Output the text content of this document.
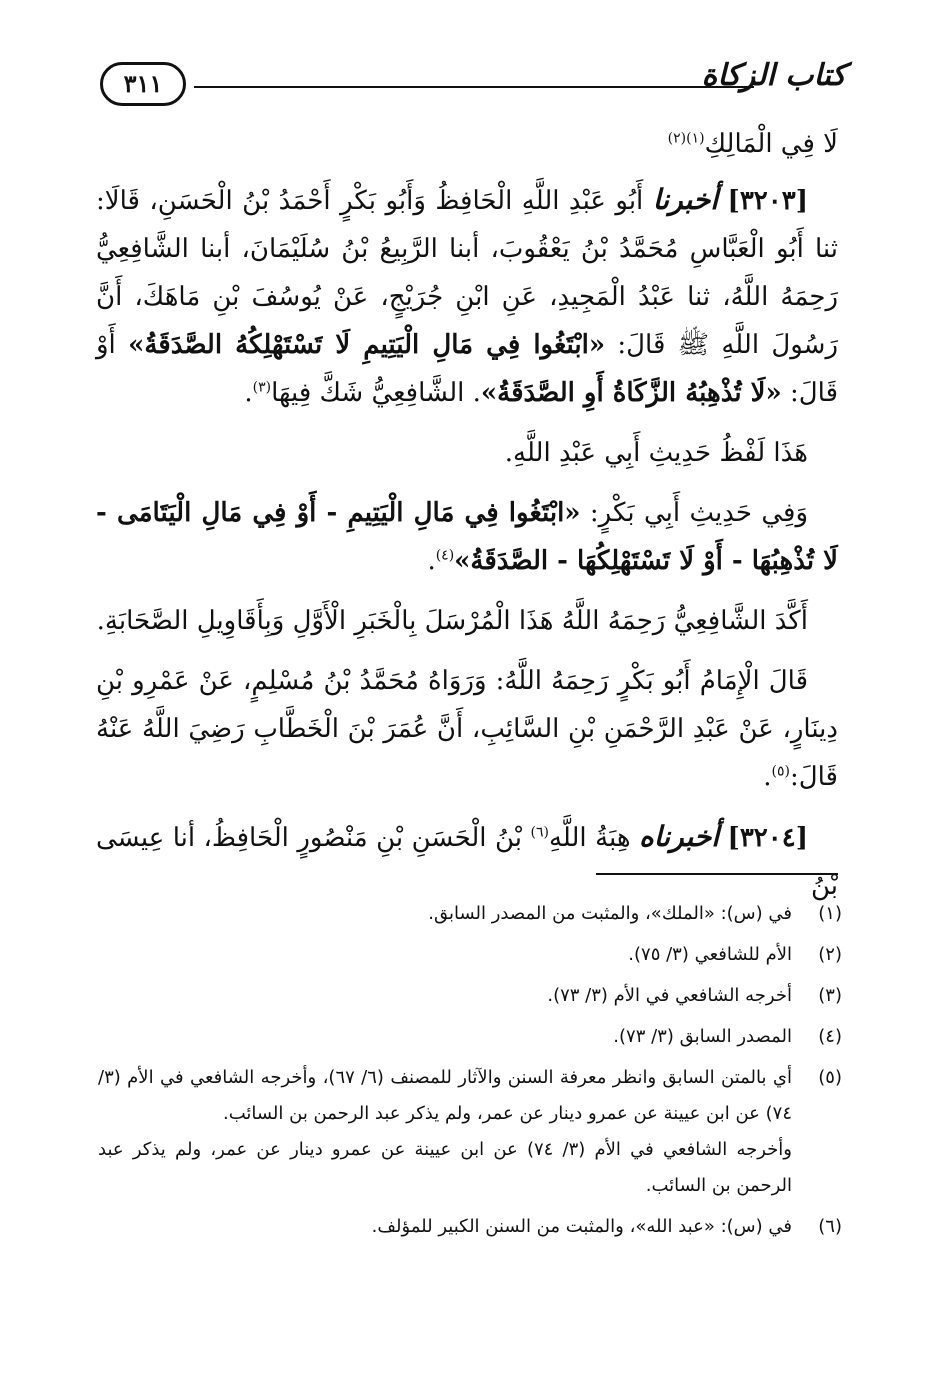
كتاب الزكاة
٣١١

لَا فِي الْمَالِكِ$^{(١)(٢)}$

[٣٢٠٣] أخبرنا أَبُو عَبْدِ اللَّهِ الْحَافِظُ وَأَبُو بَكْرٍ أَحْمَدُ بْنُ الْحَسَنِ، قَالَا: ثنا أَبُو الْعَبَّاسِ مُحَمَّدُ بْنُ يَعْقُوبَ، أبنا الرَّبِيعُ بْنُ سُلَيْمَانَ، أبنا الشَّافِعِيُّ رَحِمَهُ اللَّهُ، ثنا عَبْدُ الْمَجِيدِ، عَنِ ابْنِ جُرَيْجٍ، عَنْ يُوسُفَ بْنِ مَاهَكَ، أَنَّ رَسُولَ اللَّهِ ﷺ قَالَ: «ابْتَغُوا فِي مَالِ الْيَتِيمِ لَا تَسْتَهْلِكُهُ الصَّدَقَةُ» أَوْ قَالَ: «لَا تُذْهِبُهُ الزَّكَاةُ أَوِ الصَّدَقَةُ». الشَّافِعِيُّ شَكَّ فِيهَا$^{(٣)}$.

هَذَا لَفْظُ حَدِيثِ أَبِي عَبْدِ اللَّهِ.

وَفِي حَدِيثِ أَبِي بَكْرٍ: «ابْتَغُوا فِي مَالِ الْيَتِيمِ - أَوْ فِي مَالِ الْيَتَامَى - لَا تُذْهِبُهَا - أَوْ لَا تَسْتَهْلِكُهَا - الصَّدَقَةُ»$^{(٤)}$.

أَكَّدَ الشَّافِعِيُّ رَحِمَهُ اللَّهُ هَذَا الْمُرْسَلَ بِالْخَبَرِ الْأَوَّلِ وَبِأَقَاوِيلِ الصَّحَابَةِ.

قَالَ الْإِمَامُ أَبُو بَكْرٍ رَحِمَهُ اللَّهُ: وَرَوَاهُ مُحَمَّدُ بْنُ مُسْلِمٍ، عَنْ عَمْرِو بْنِ دِينَارٍ، عَنْ عَبْدِ الرَّحْمَنِ بْنِ السَّائِبِ، أَنَّ عُمَرَ بْنَ الْخَطَّابِ رَضِيَ اللَّهُ عَنْهُ قَالَ:$^{(٥)}$.

[٣٢٠٤] أخبرناه هِبَةُ اللَّهِ$^{(٦)}$ بْنُ الْحَسَنِ بْنِ مَنْصُورٍ الْحَافِظُ، أنا عِيسَى بْنُ

(١)
في (س): «الملك»، والمثبت من المصدر السابق.
(٢)
الأم للشافعي (٣/ ٧٥).
(٣)
أخرجه الشافعي في الأم (٣/ ٧٣).
(٤)
المصدر السابق (٣/ ٧٣).
(٥)
أي بالمتن السابق وانظر معرفة السنن والآثار للمصنف (٦/ ٦٧)، وأخرجه الشافعي في الأم (٣/ ٧٤) عن ابن عيينة عن عمرو دينار عن عمر، ولم يذكر عبد الرحمن بن السائب.
وأخرجه الشافعي في الأم (٣/ ٧٤) عن ابن عيينة عن عمرو دينار عن عمر، ولم يذكر عبد الرحمن بن السائب.
(٦)
في (س): «عبد الله»، والمثبت من السنن الكبير للمؤلف.
